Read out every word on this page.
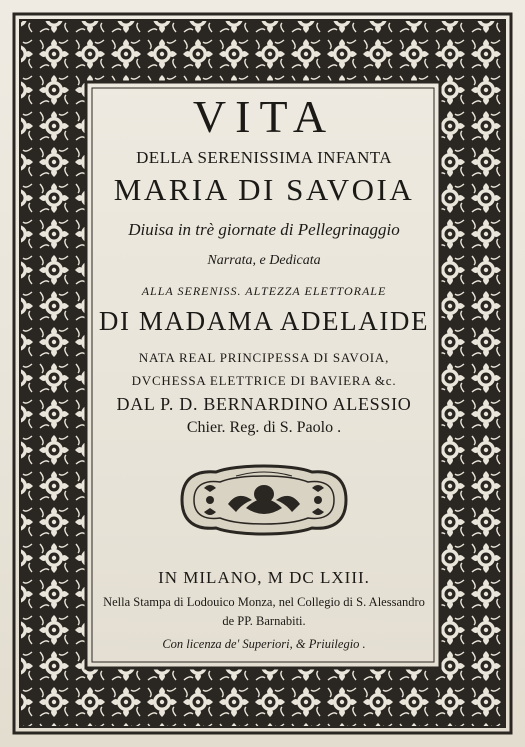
VITA
DELLA SERENISSIMA INFANTA
MARIA DI SAVOIA
Diuisa in trè giornate di Pellegrinaggio
Narrata, e Dedicata
ALLA SERENISS. ALTEZZA ELETTORALE
DI MADAMA ADELAIDE
NATA REAL PRINCIPESSA DI SAVOIA,
DVCHESSA ELETTRICE DI BAVIERA &c.
DAL P. D. BERNARDINO ALESSIO
Chier. Reg. di S. Paolo .
IN MILANO, M DC LXIII.
Nella Stampa di Lodouico Monza, nel Collegio di S. Alessandro
de PP. Barnabiti.
Con licenza de' Superiori, & Priuilegio .
